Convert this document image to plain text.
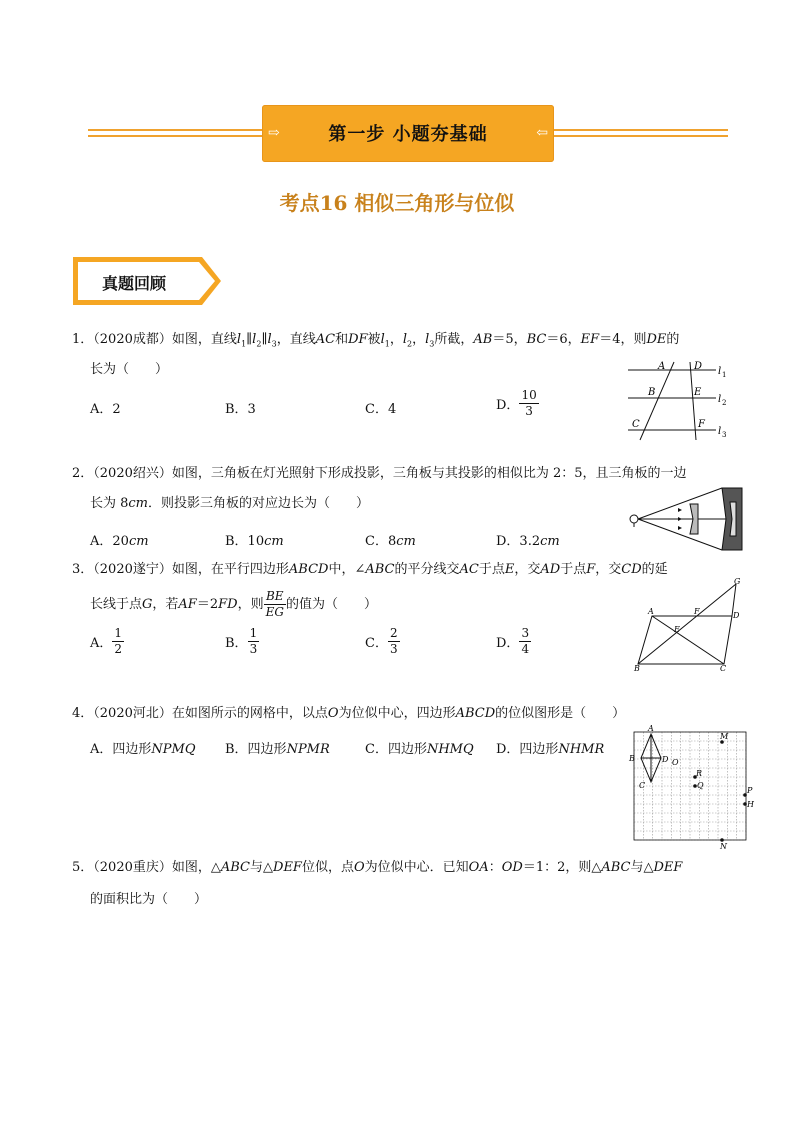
⇨	第一步 小题夯基础	⇦
考点16 相似三角形与位似
真题回顾
1．（2020成都）如图，直线$l_1\parallel l_2\parallel l_3$，直线AC和DF被$l_1$，$l_2$，$l_3$所截，AB＝5，BC＝6，EF＝4，则DE的
长为（　　）
A．2	B．3	C．4	D． $\frac{10}{3}$
A	D
B	E
C	F
l 1
l 2
l 3
2．（2020绍兴）如图，三角板在灯光照射下形成投影，三角板与其投影的相似比为 2：5，且三角板的一边
长为 8cm．则投影三角板的对应边长为（　　）
A．20cm	B．10cm	C．8cm	D．3.2cm
3．（2020遂宁）如图，在平行四边形ABCD中，∠ABC的平分线交AC于点E，交AD于点F，交CD的延
长线于点G，若AF＝2FD，则 $\frac{BE}{EG}$ 的值为（　　）
A． $\frac{1}{2}$	B． $\frac{1}{3}$	C． $\frac{2}{3}$	D． $\frac{3}{4}$
A	F	D
G
E
B	C
4．（2020河北）在如图所示的网格中，以点O为位似中心，四边形ABCD的位似图形是（　　）
A．四边形NPMQ B．四边形NPMR	C．四边形NHMQ D．四边形NHMR
A
B	D
C
O
M
R
Q
P
H
N
5．（2020重庆）如图，△ABC与△DEF位似，点O为位似中心．已知OA：OD＝1：2，则△ABC与△DEF
的面积比为（　　）
